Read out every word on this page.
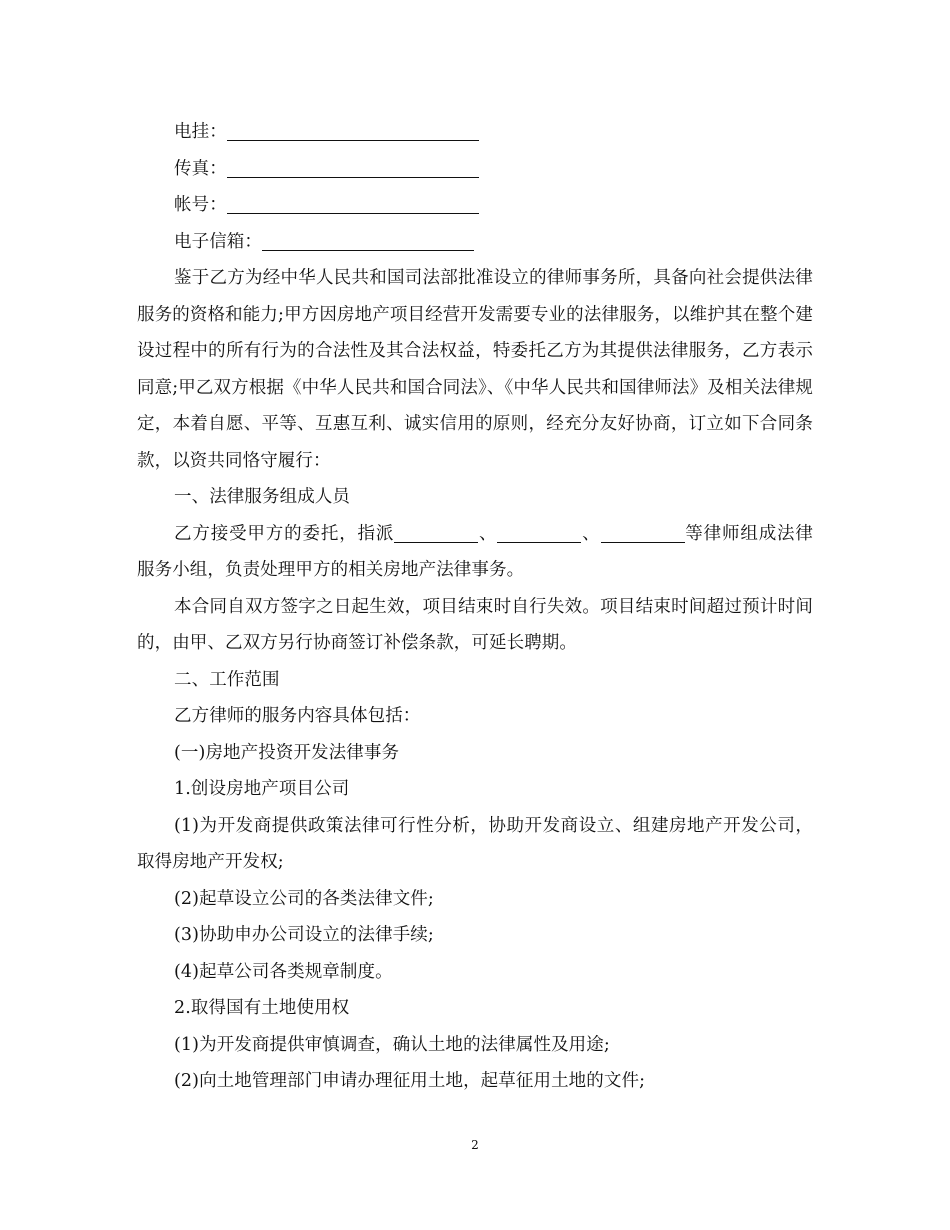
电挂：

传真：

帐号：

电子信箱：

鉴于乙方为经中华人民共和国司法部批准设立的律师事务所，具备向社会提供法律服务的资格和能力;甲方因房地产项目经营开发需要专业的法律服务，以维护其在整个建设过程中的所有行为的合法性及其合法权益，特委托乙方为其提供法律服务，乙方表示同意;甲乙双方根据《中华人民共和国合同法》、《中华人民共和国律师法》及相关法律规定，本着自愿、平等、互惠互利、诚实信用的原则，经充分友好协商，订立如下合同条款，以资共同恪守履行：

一、法律服务组成人员

乙方接受甲方的委托，指派	、	、	等律师组成法律服务小组，负责处理甲方的相关房地产法律事务。

本合同自双方签字之日起生效，项目结束时自行失效。项目结束时间超过预计时间的，由甲、乙双方另行协商签订补偿条款，可延长聘期。

二、工作范围

乙方律师的服务内容具体包括：

(一)房地产投资开发法律事务

1.创设房地产项目公司

(1)为开发商提供政策法律可行性分析，协助开发商设立、组建房地产开发公司，取得房地产开发权;

(2)起草设立公司的各类法律文件;

(3)协助申办公司设立的法律手续;

(4)起草公司各类规章制度。

2.取得国有土地使用权

(1)为开发商提供审慎调查，确认土地的法律属性及用途;

(2)向土地管理部门申请办理征用土地，起草征用土地的文件;

2
